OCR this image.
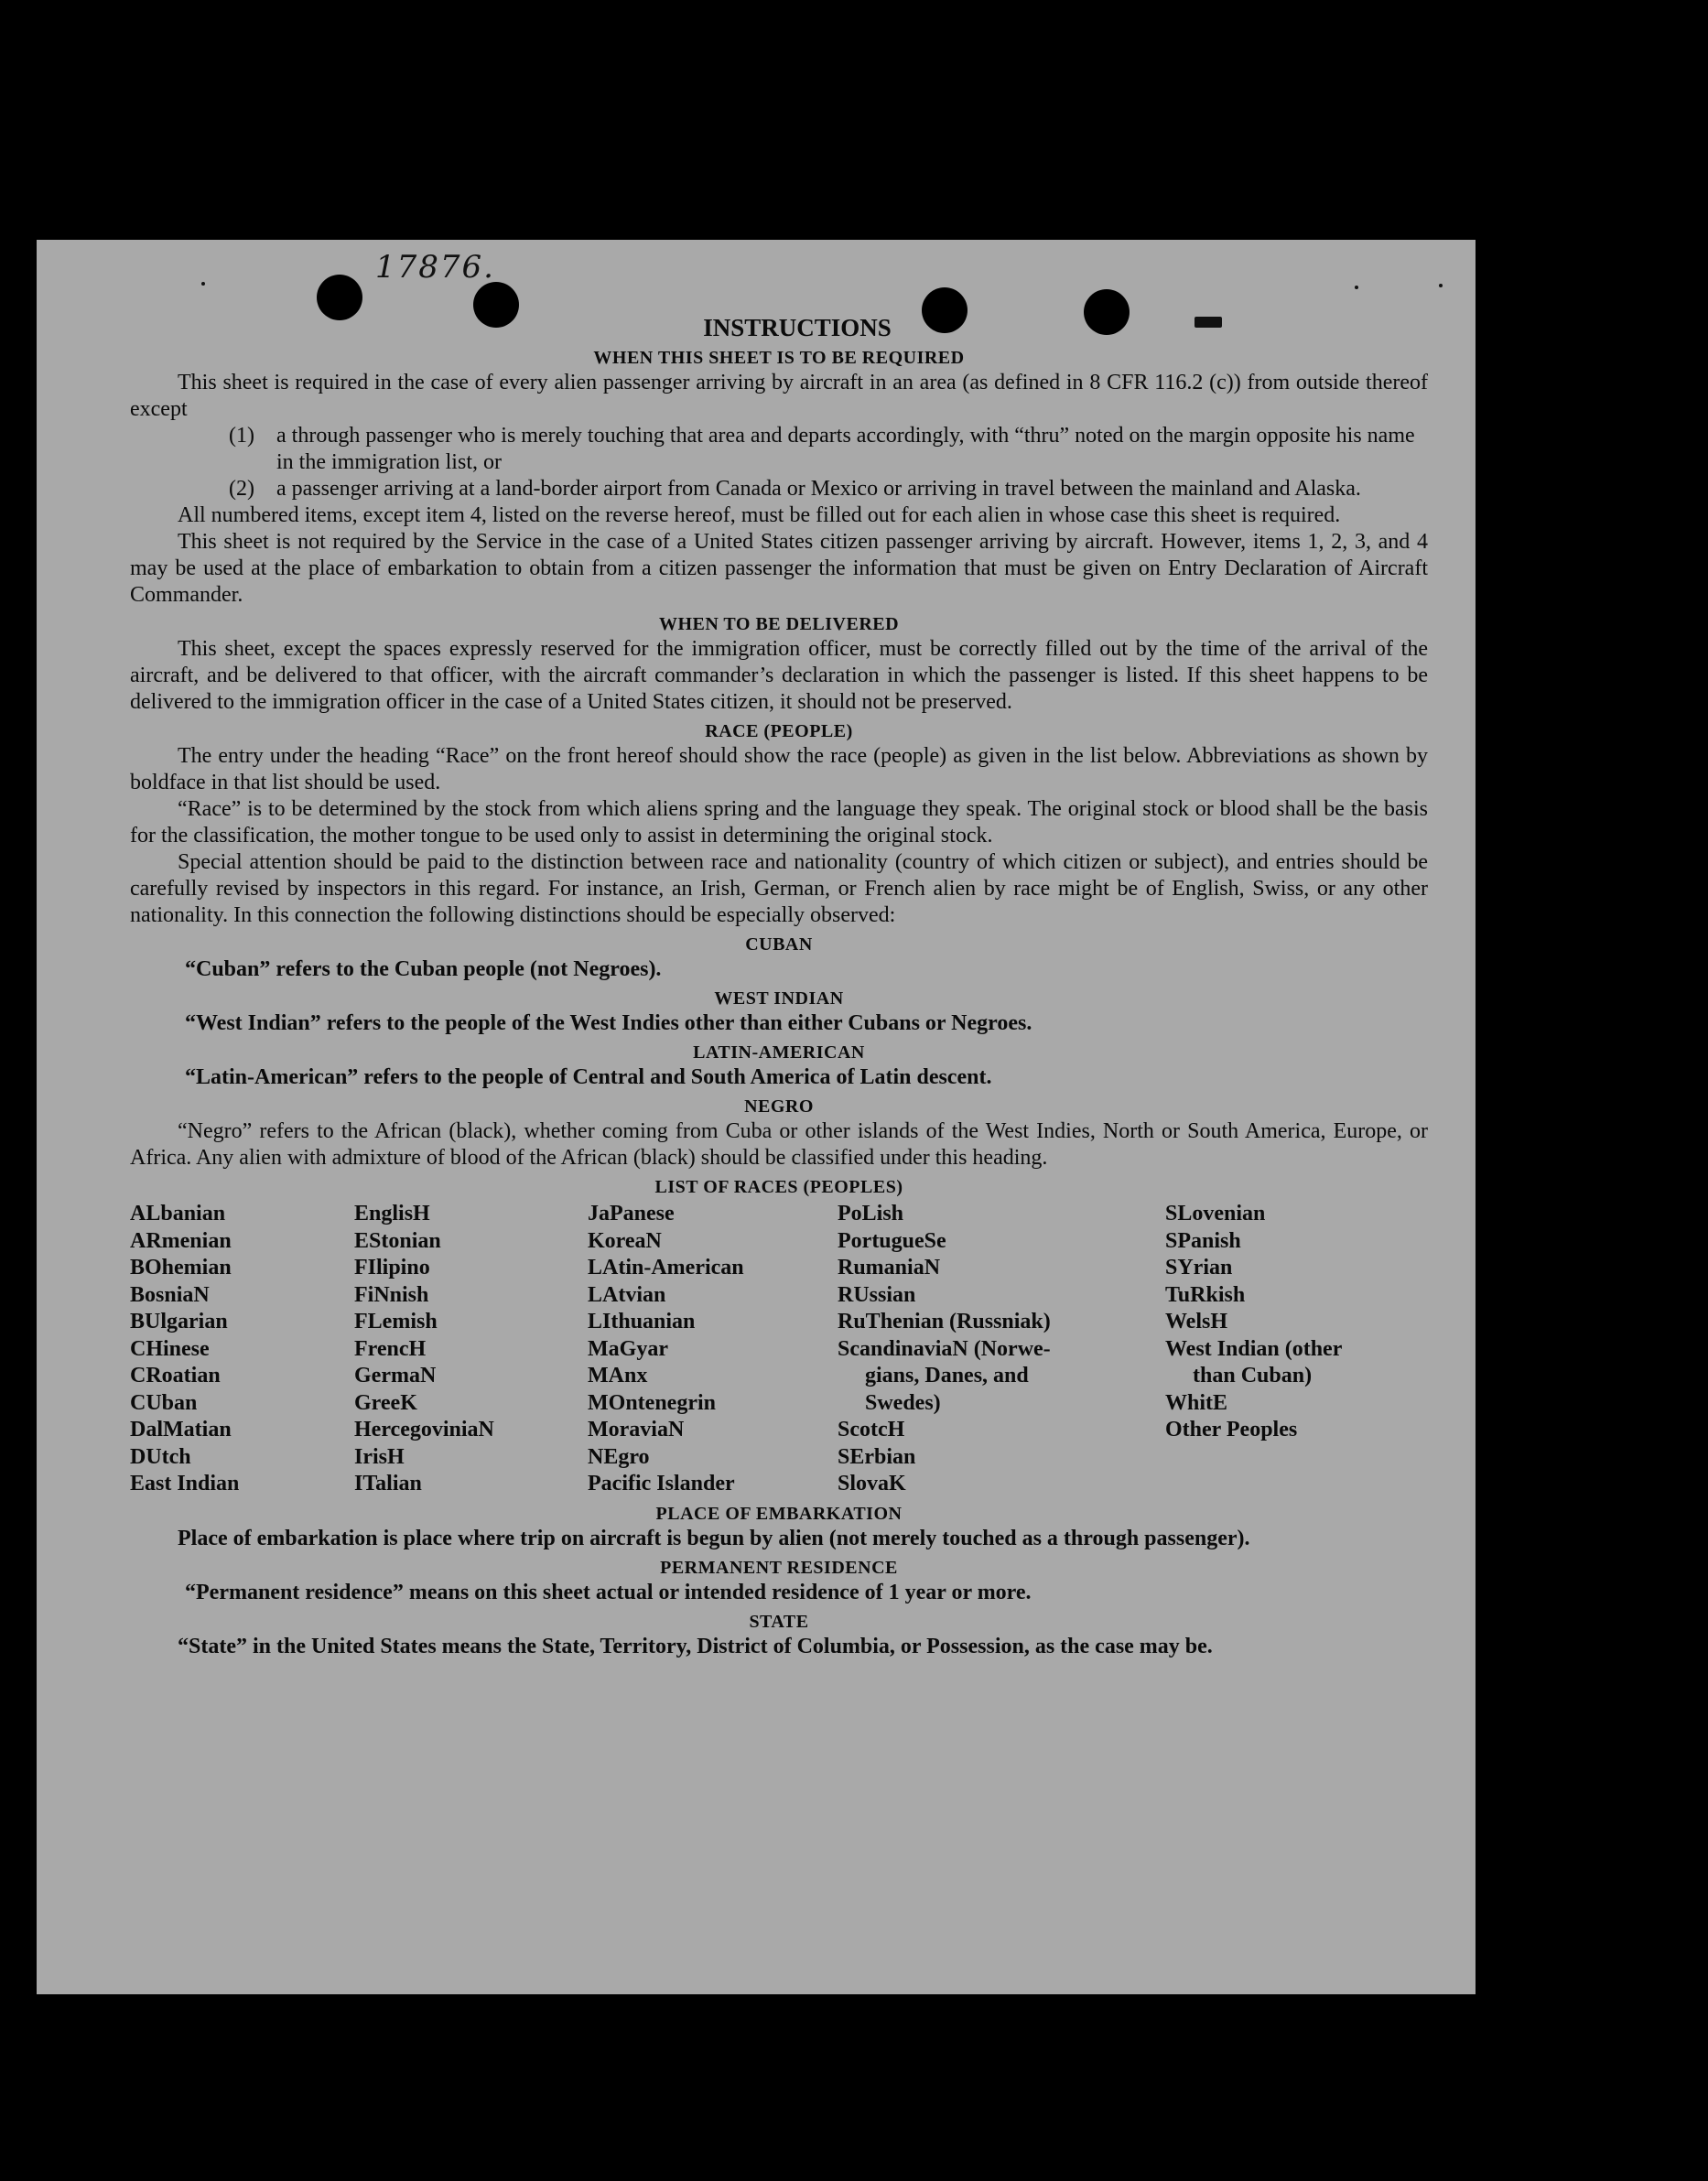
17876.
INSTRUCTIONS
WHEN THIS SHEET IS TO BE REQUIRED

This sheet is required in the case of every alien passenger arriving by aircraft in an area (as defined in 8 CFR 116.2 (c)) from outside thereof except

(1)	a through passenger who is merely touching that area and departs accordingly, with “thru” noted on the margin opposite his name in the immigration list, or
(2)	a passenger arriving at a land-border airport from Canada or Mexico or arriving in travel between the mainland and Alaska.

All numbered items, except item 4, listed on the reverse hereof, must be filled out for each alien in whose case this sheet is required.

This sheet is not required by the Service in the case of a United States citizen passenger arriving by aircraft. However, items 1, 2, 3, and 4 may be used at the place of embarkation to obtain from a citizen passenger the information that must be given on Entry Declaration of Aircraft Commander.

WHEN TO BE DELIVERED

This sheet, except the spaces expressly reserved for the immigration officer, must be correctly filled out by the time of the arrival of the aircraft, and be delivered to that officer, with the aircraft commander’s declaration in which the passenger is listed. If this sheet happens to be delivered to the immigration officer in the case of a United States citizen, it should not be preserved.

RACE (PEOPLE)

The entry under the heading “Race” on the front hereof should show the race (people) as given in the list below. Abbreviations as shown by boldface in that list should be used.

“Race” is to be determined by the stock from which aliens spring and the language they speak. The original stock or blood shall be the basis for the classification, the mother tongue to be used only to assist in determining the original stock.

Special attention should be paid to the distinction between race and nationality (country of which citizen or subject), and entries should be carefully revised by inspectors in this regard. For instance, an Irish, German, or French alien by race might be of English, Swiss, or any other nationality. In this connection the following distinctions should be especially observed:

CUBAN

“Cuban” refers to the Cuban people (not Negroes).

WEST INDIAN

“West Indian” refers to the people of the West Indies other than either Cubans or Negroes.

LATIN-AMERICAN

“Latin-American” refers to the people of Central and South America of Latin descent.

NEGRO

“Negro” refers to the African (black), whether coming from Cuba or other islands of the West Indies, North or South America, Europe, or Africa. Any alien with admixture of blood of the African (black) should be classified under this heading.

LIST OF RACES (PEOPLES)
ALbanian
ARmenian
BOhemian
BosniaN
BUlgarian
CHinese
CRoatian
CUban
DalMatian
DUtch
East Indian
EnglisH
EStonian
FIlipino
FiNnish
FLemish
FrencH
GermaN
GreeK
HercegoviniaN
IrisH
ITalian
JaPanese
KoreaN
LAtin-American
LAtvian
LIthuanian
MaGyar
MAnx
MOntenegrin
MoraviaN
NEgro
Pacific Islander
PoLish
PortugueSe
RumaniaN
RUssian
RuThenian (Russniak)
ScandinaviaN (Norwe-
gians, Danes, and
Swedes)
ScotcH
SErbian
SlovaK
SLovenian
SPanish
SYrian
TuRkish
WelsH
West Indian (other
than Cuban)
WhitE
Other Peoples
PLACE OF EMBARKATION

Place of embarkation is place where trip on aircraft is begun by alien (not merely touched as a through passenger).

PERMANENT RESIDENCE

“Permanent residence” means on this sheet actual or intended residence of 1 year or more.

STATE

“State” in the United States means the State, Territory, District of Columbia, or Possession, as the case may be.
